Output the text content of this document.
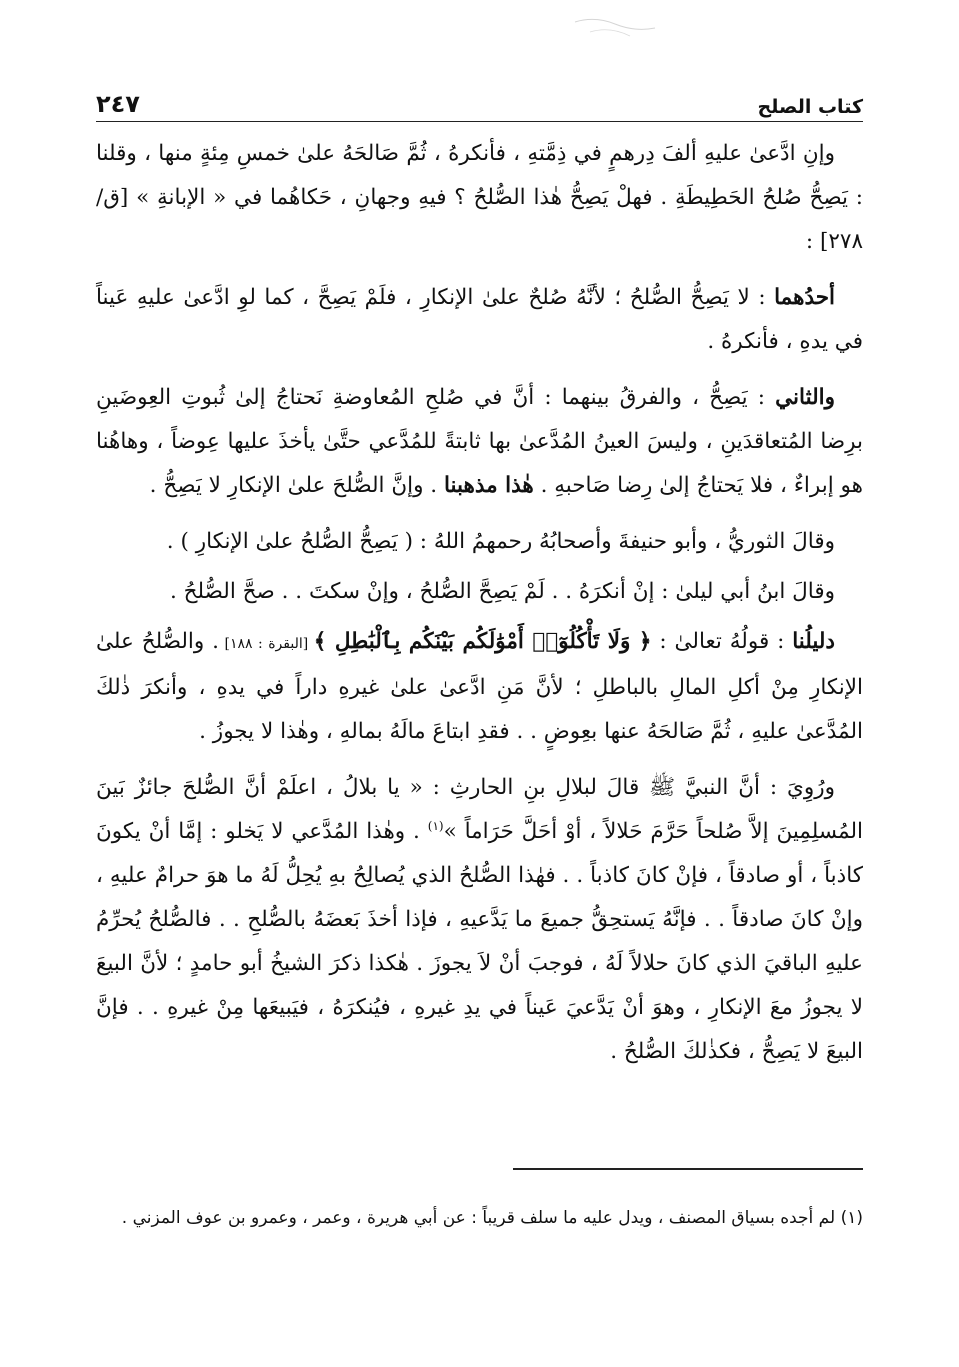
كتاب الصلح
٢٤٧

وإنِ ادَّعىٰ عليهِ ألفَ دِرهمٍ في ذِمَّتهِ ، فأنكرهُ ، ثُمَّ صَالحَهُ علىٰ خمسِ مِئةٍ منها ، وقلنا : يَصِحُّ صُلحُ الحَطِيطَةِ . فهلْ يَصِحُّ هٰذا الصُّلحُ ؟ فيهِ وجهانِ ، حَكاهُما في « الإبانةِ » [ق/٢٧٨] :

أحدُهما : لا يَصِحُّ الصُّلحُ ؛ لأنَّهُ صُلحٌ علىٰ الإنكارِ ، فلَمْ يَصِحَّ ، كما لوِ ادَّعىٰ عليهِ عَيناً في يدهِ ، فأنكرهُ .

والثاني : يَصِحُّ ، والفرقُ بينهما : أنَّ في صُلحِ المُعاوضةِ نَحتاجُ إلىٰ ثُبوتِ العِوضَينِ برِضا المُتعاقدَينِ ، وليسَ العينُ المُدَّعىٰ بها ثابتةً للمُدَّعي حتَّىٰ يأخذَ عليها عِوضاً ، وهاهُنا هو إبراءٌ ، فلا يَحتاجُ إلىٰ رِضا صَاحبهِ . هٰذا مذهبنا . وإنَّ الصُّلحَ علىٰ الإنكارِ لا يَصِحُّ .

وقالَ الثوريُّ ، وأبو حنيفةَ وأصحابُهُ رحمهمُ اللهُ : ( يَصِحُّ الصُّلحُ علىٰ الإنكارِ ) .

وقالَ ابنُ أبي ليلىٰ : إنْ أنكرَهُ . . لَمْ يَصِحَّ الصُّلحُ ، وإنْ سكتَ . . صحَّ الصُّلحُ .

دليلُنا : قولُهُ تعالىٰ : ﴿ وَلَا تَأْكُلُوٓا۟ أَمْوَٰلَكُم بَيْنَكُم بِٱلْبَٰطِلِ ﴾ [البقرة : ١٨٨] . والصُّلحُ علىٰ الإنكارِ مِنْ أكلِ المالِ بالباطلِ ؛ لأنَّ مَنِ ادَّعىٰ علىٰ غيرهِ داراً في يدهِ ، وأنكرَ ذٰلكَ المُدَّعىٰ عليهِ ، ثُمَّ صَالحَهُ عنها بعِوضٍ . . فقدِ ابتاعَ مالَهُ بمالهِ ، وهٰذا لا يجوزُ .

ورُوِيَ : أنَّ النبيَّ ﷺ قالَ لبلالِ بنِ الحارثِ : « يا بلالُ ، اعلَمْ أنَّ الصُّلحَ جائزٌ بَينَ المُسلِمِينَ إلاَّ صُلحاً حَرَّمَ حَلالاً ، أوْ أحَلَّ حَرَاماً »$^{(١)}$ . وهٰذا المُدَّعي لا يَخلو : إمَّا أنْ يكونَ كاذباً ، أو صادقاً ، فإنْ كانَ كاذباً . . فهٰذا الصُّلحُ الذي يُصالِحُ بهِ يُحِلُّ لَهُ ما هوَ حرامٌ عليهِ ، وإنْ كانَ صادقاً . . فإنَّهُ يَستحِقُّ جميعَ ما يَدَّعيهِ ، فإذا أخذَ بَعضَهُ بالصُّلحِ . . فالصُّلحُ يُحرِّمُ عليهِ الباقيَ الذي كانَ حلالاً لَهُ ، فوجبَ أنْ لاَ يجوزَ . هٰكذا ذكرَ الشيخُ أبو حامدٍ ؛ لأنَّ البيعَ لا يجوزُ معَ الإنكارِ ، وهوَ أنْ يَدَّعيَ عَيناً في يدِ غيرهِ ، فيُنكرَهُ ، فيَبيعَها مِنْ غيرهِ . . فإنَّ البيعَ لا يَصِحُّ ، فكذٰلكَ الصُّلحُ .

(١) لم أجده بسياق المصنف ، ويدل عليه ما سلف قريباً : عن أبي هريرة ، وعمر ، وعمرو بن عوف المزني .
